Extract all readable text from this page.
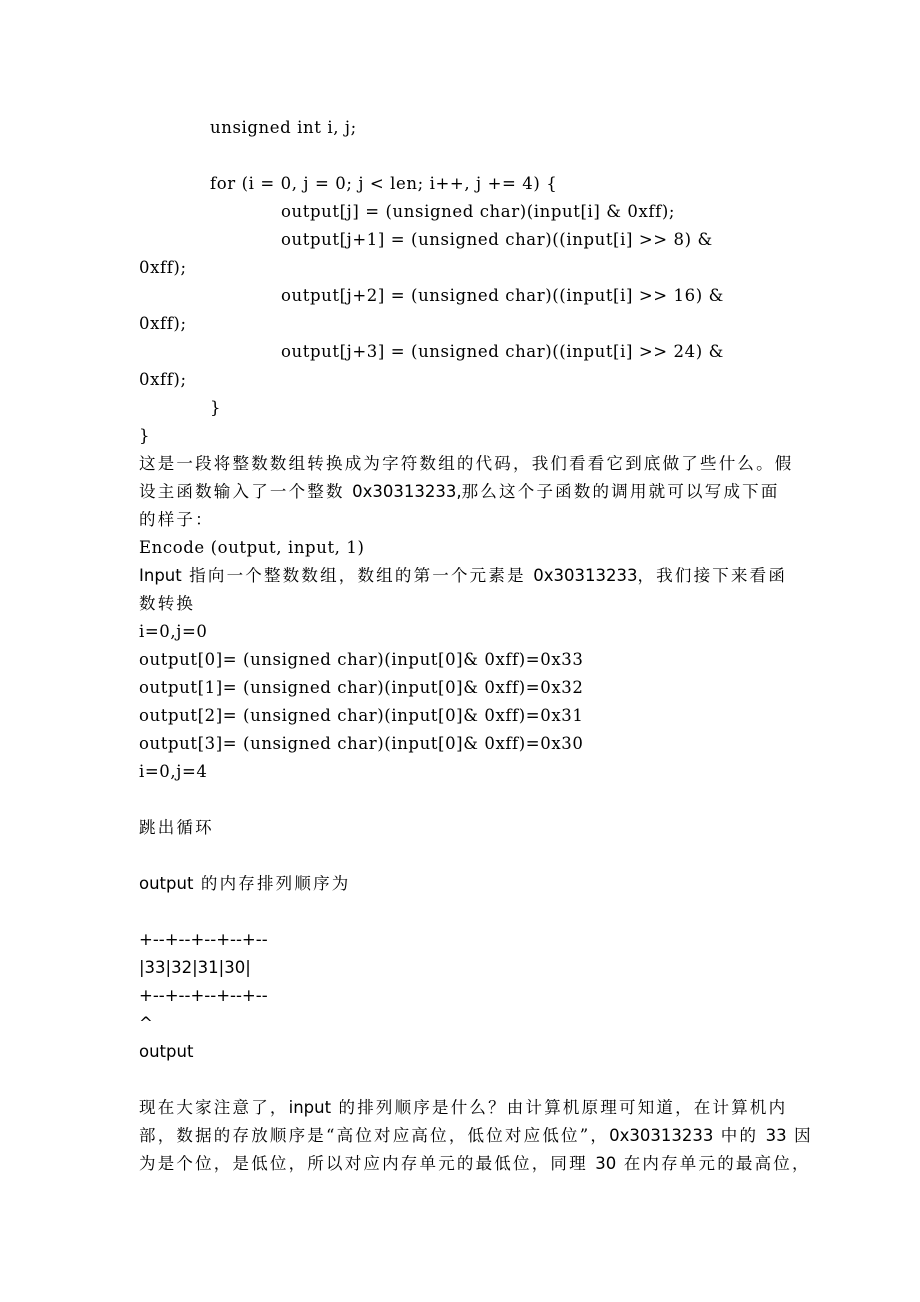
unsigned int i, j;
for (i = 0, j = 0; j < len; i++, j += 4) {
output[j] = (unsigned char)(input[i] & 0xff);
output[j+1] = (unsigned char)((input[i] >> 8) &
0xff);
output[j+2] = (unsigned char)((input[i] >> 16) &
0xff);
output[j+3] = (unsigned char)((input[i] >> 24) &
0xff);
}
}
这是一段将整数数组转换成为字符数组的代码，我们看看它到底做了些什么。假
设主函数输入了一个整数 0x30313233,那么这个子函数的调用就可以写成下面
的样子：
Encode (output, input, 1)
Input 指向一个整数数组，数组的第一个元素是 0x30313233，我们接下来看函
数转换
i=0,j=0
output[0]= (unsigned char)(input[0]& 0xff)=0x33
output[1]= (unsigned char)(input[0]& 0xff)=0x32
output[2]= (unsigned char)(input[0]& 0xff)=0x31
output[3]= (unsigned char)(input[0]& 0xff)=0x30
i=0,j=4
跳出循环
output 的内存排列顺序为
+--+--+--+--+--
|33|32|31|30|
+--+--+--+--+--
^
output
现在大家注意了，input 的排列顺序是什么？由计算机原理可知道，在计算机内
部，数据的存放顺序是“高位对应高位，低位对应低位”，0x30313233 中的 33 因
为是个位，是低位，所以对应内存单元的最低位，同理 30 在内存单元的最高位，
